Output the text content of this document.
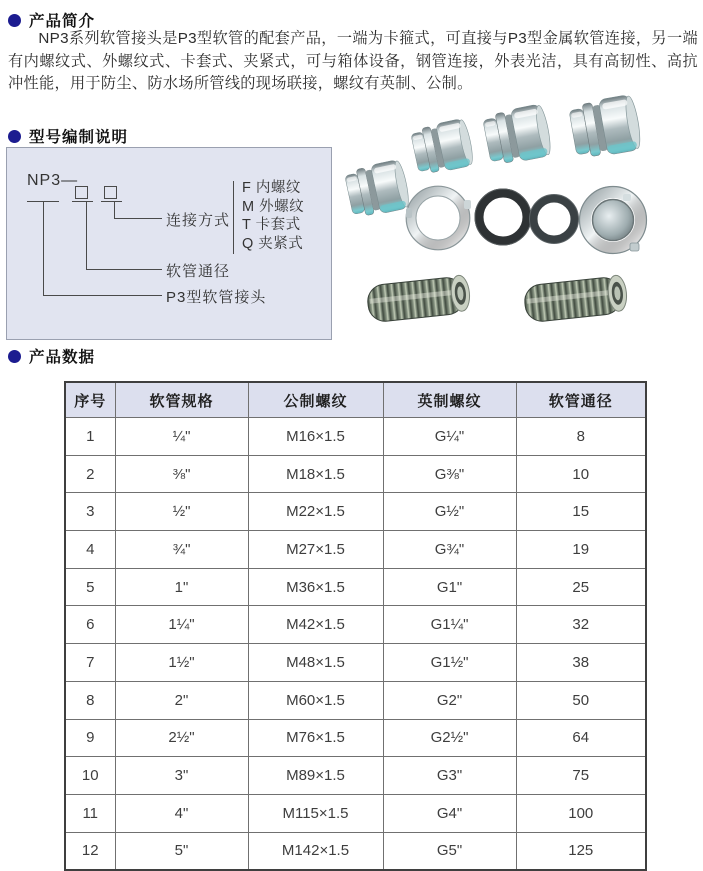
产品简介
NP3系列软管接头是P3型软管的配套产品，一端为卡箍式，可直接与P3型金属软管连接，另一端有内螺纹式、外螺纹式、卡套式、夹紧式，可与箱体设备，钢管连接，外表光洁，具有高韧性、高抗冲性能，用于防尘、防水场所管线的现场联接，螺纹有英制、公制。
型号编制说明
NP3—
连接方式
软管通径
P3型软管接头
F 内螺纹
M 外螺纹
T 卡套式
Q 夹紧式
产品数据
序号	软管规格	公制螺纹	英制螺纹	软管通径
1	¼"	M16×1.5	G¼"	8
2	⅜"	M18×1.5	G⅜"	10
3	½"	M22×1.5	G½"	15
4	¾"	M27×1.5	G¾"	19
5	1"	M36×1.5	G1"	25
6	1¼"	M42×1.5	G1¼"	32
7	1½"	M48×1.5	G1½"	38
8	2"	M60×1.5	G2"	50
9	2½"	M76×1.5	G2½"	64
10	3"	M89×1.5	G3"	75
11	4"	M115×1.5	G4"	100
12	5"	M142×1.5	G5"	125
